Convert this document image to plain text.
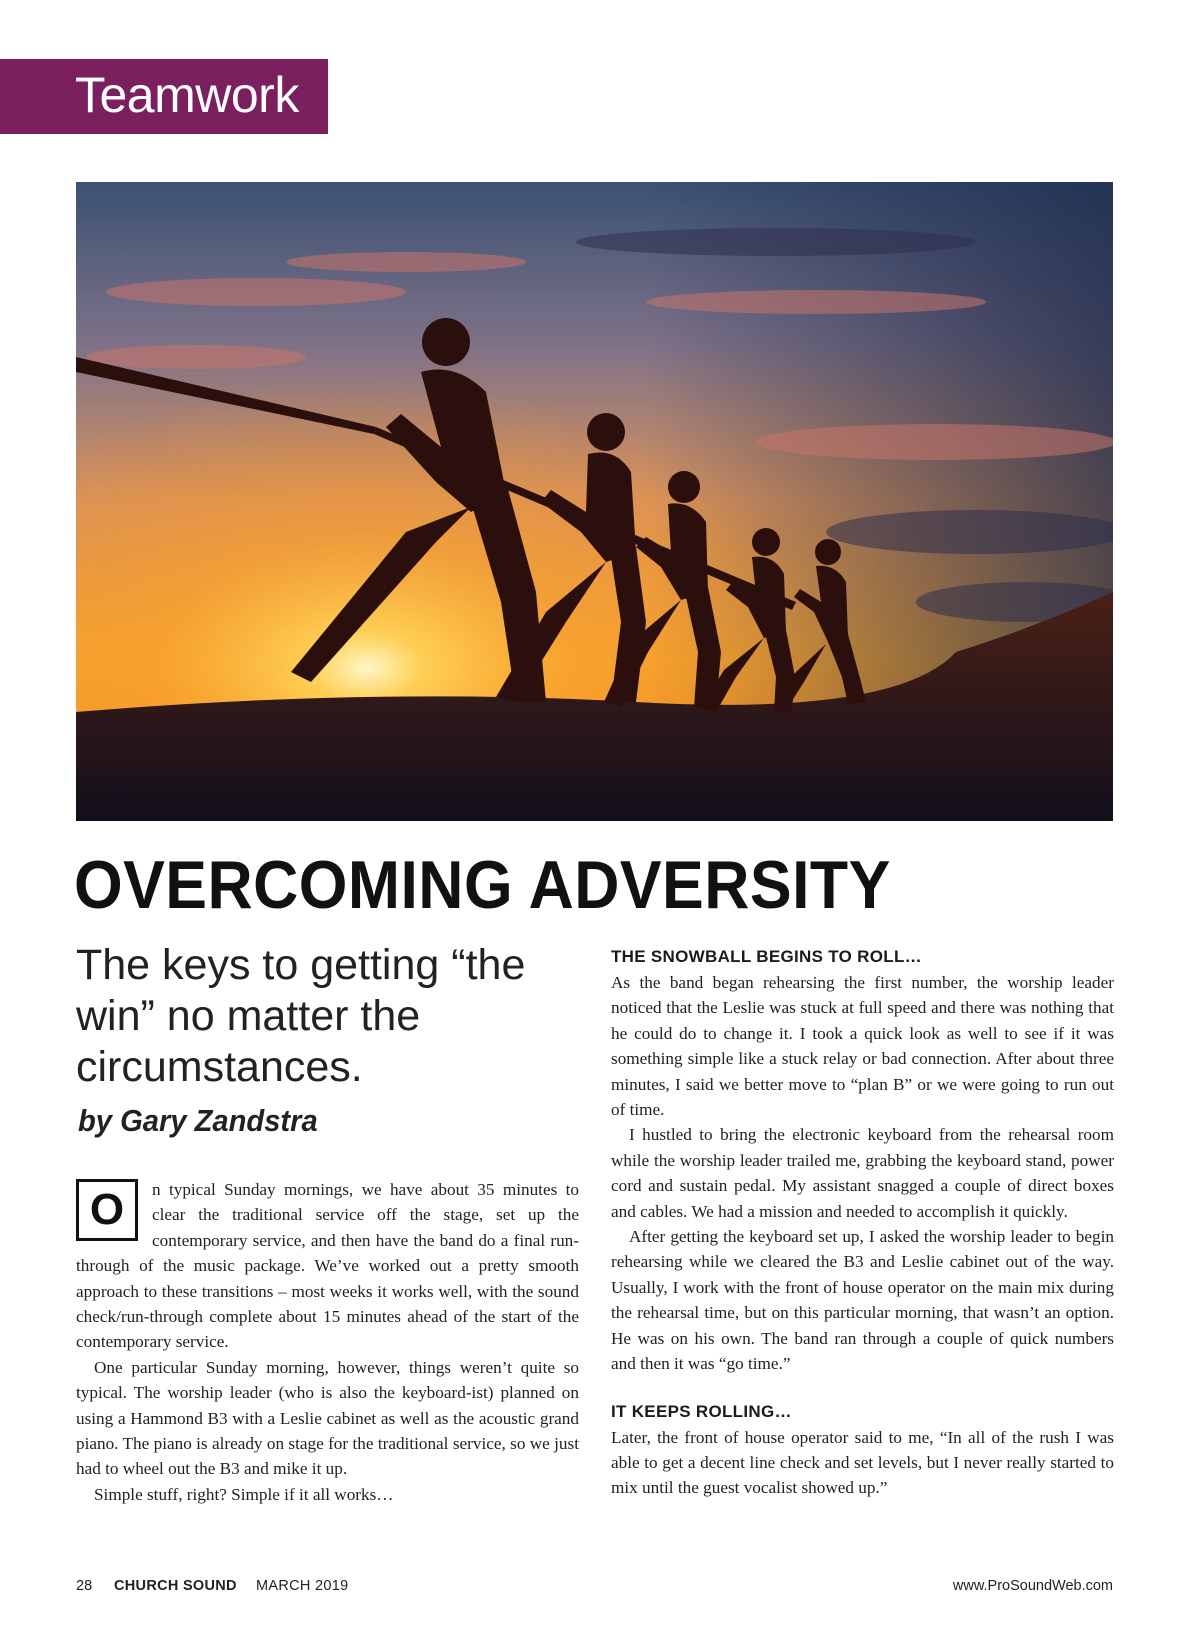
Teamwork
OVERCOMING ADVERSITY
The keys to getting “the win” no matter the circumstances.
by Gary Zandstra

O	n typical Sunday mornings, we have about 35 minutes to clear the traditional service off the stage, set up the contemporary service, and then have the band do a final run-through of the music package. We’ve worked out a pretty smooth approach to these transitions – most weeks it works well, with the sound check/run-through complete about 15 minutes ahead of the start of the contemporary service.

One particular Sunday morning, however, things weren’t quite so typical. The worship leader (who is also the keyboard-ist) planned on using a Hammond B3 with a Leslie cabinet as well as the acoustic grand piano. The piano is already on stage for the traditional service, so we just had to wheel out the B3 and mike it up.

Simple stuff, right? Simple if it all works…

THE SNOWBALL BEGINS TO ROLL…

As the band began rehearsing the first number, the worship leader noticed that the Leslie was stuck at full speed and there was nothing that he could do to change it. I took a quick look as well to see if it was something simple like a stuck relay or bad connection. After about three minutes, I said we better move to “plan B” or we were going to run out of time.

I hustled to bring the electronic keyboard from the rehearsal room while the worship leader trailed me, grabbing the keyboard stand, power cord and sustain pedal. My assistant snagged a couple of direct boxes and cables. We had a mission and needed to accomplish it quickly.

After getting the keyboard set up, I asked the worship leader to begin rehearsing while we cleared the B3 and Leslie cabinet out of the way. Usually, I work with the front of house operator on the main mix during the rehearsal time, but on this particular morning, that wasn’t an option. He was on his own. The band ran through a couple of quick numbers and then it was “go time.”

IT KEEPS ROLLING…

Later, the front of house operator said to me, “In all of the rush I was able to get a decent line check and set levels, but I never really started to mix until the guest vocalist showed up.”

28 CHURCH SOUND MARCH 2019	www.ProSoundWeb.com
